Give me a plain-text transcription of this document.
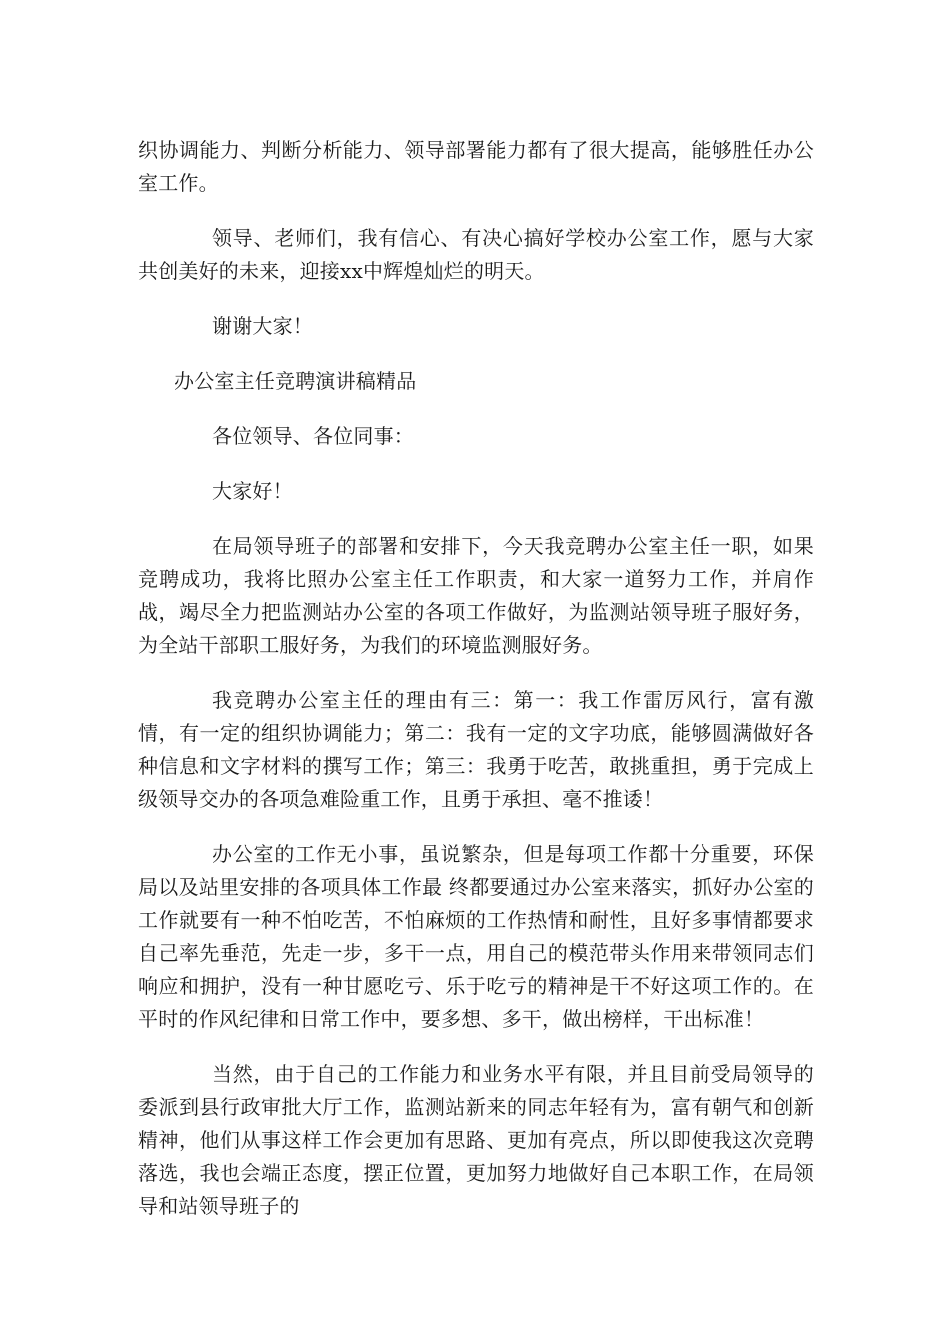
织协调能力、判断分析能力、领导部署能力都有了很大提高，能够胜任办公室工作。

领导、老师们，我有信心、有决心搞好学校办公室工作，愿与大家共创美好的未来，迎接xx中辉煌灿烂的明天。

谢谢大家！

办公室主任竞聘演讲稿精品

各位领导、各位同事：

大家好！

在局领导班子的部署和安排下，今天我竞聘办公室主任一职，如果竞聘成功，我将比照办公室主任工作职责，和大家一道努力工作，并肩作战，竭尽全力把监测站办公室的各项工作做好，为监测站领导班子服好务，为全站干部职工服好务，为我们的环境监测服好务。

我竞聘办公室主任的理由有三：第一：我工作雷厉风行，富有激情，有一定的组织协调能力；第二：我有一定的文字功底，能够圆满做好各种信息和文字材料的撰写工作；第三：我勇于吃苦，敢挑重担，勇于完成上级领导交办的各项急难险重工作，且勇于承担、毫不推诿！

办公室的工作无小事，虽说繁杂，但是每项工作都十分重要，环保局以及站里安排的各项具体工作最 终都要通过办公室来落实，抓好办公室的工作就要有一种不怕吃苦，不怕麻烦的工作热情和耐性，且好多事情都要求自己率先垂范，先走一步，多干一点，用自己的模范带头作用来带领同志们响应和拥护，没有一种甘愿吃亏、乐于吃亏的精神是干不好这项工作的。在平时的作风纪律和日常工作中，要多想、多干，做出榜样，干出标准！

当然，由于自己的工作能力和业务水平有限，并且目前受局领导的委派到县行政审批大厅工作，监测站新来的同志年轻有为，富有朝气和创新精神，他们从事这样工作会更加有思路、更加有亮点，所以即使我这次竞聘落选，我也会端正态度，摆正位置，更加努力地做好自己本职工作，在局领导和站领导班子的
